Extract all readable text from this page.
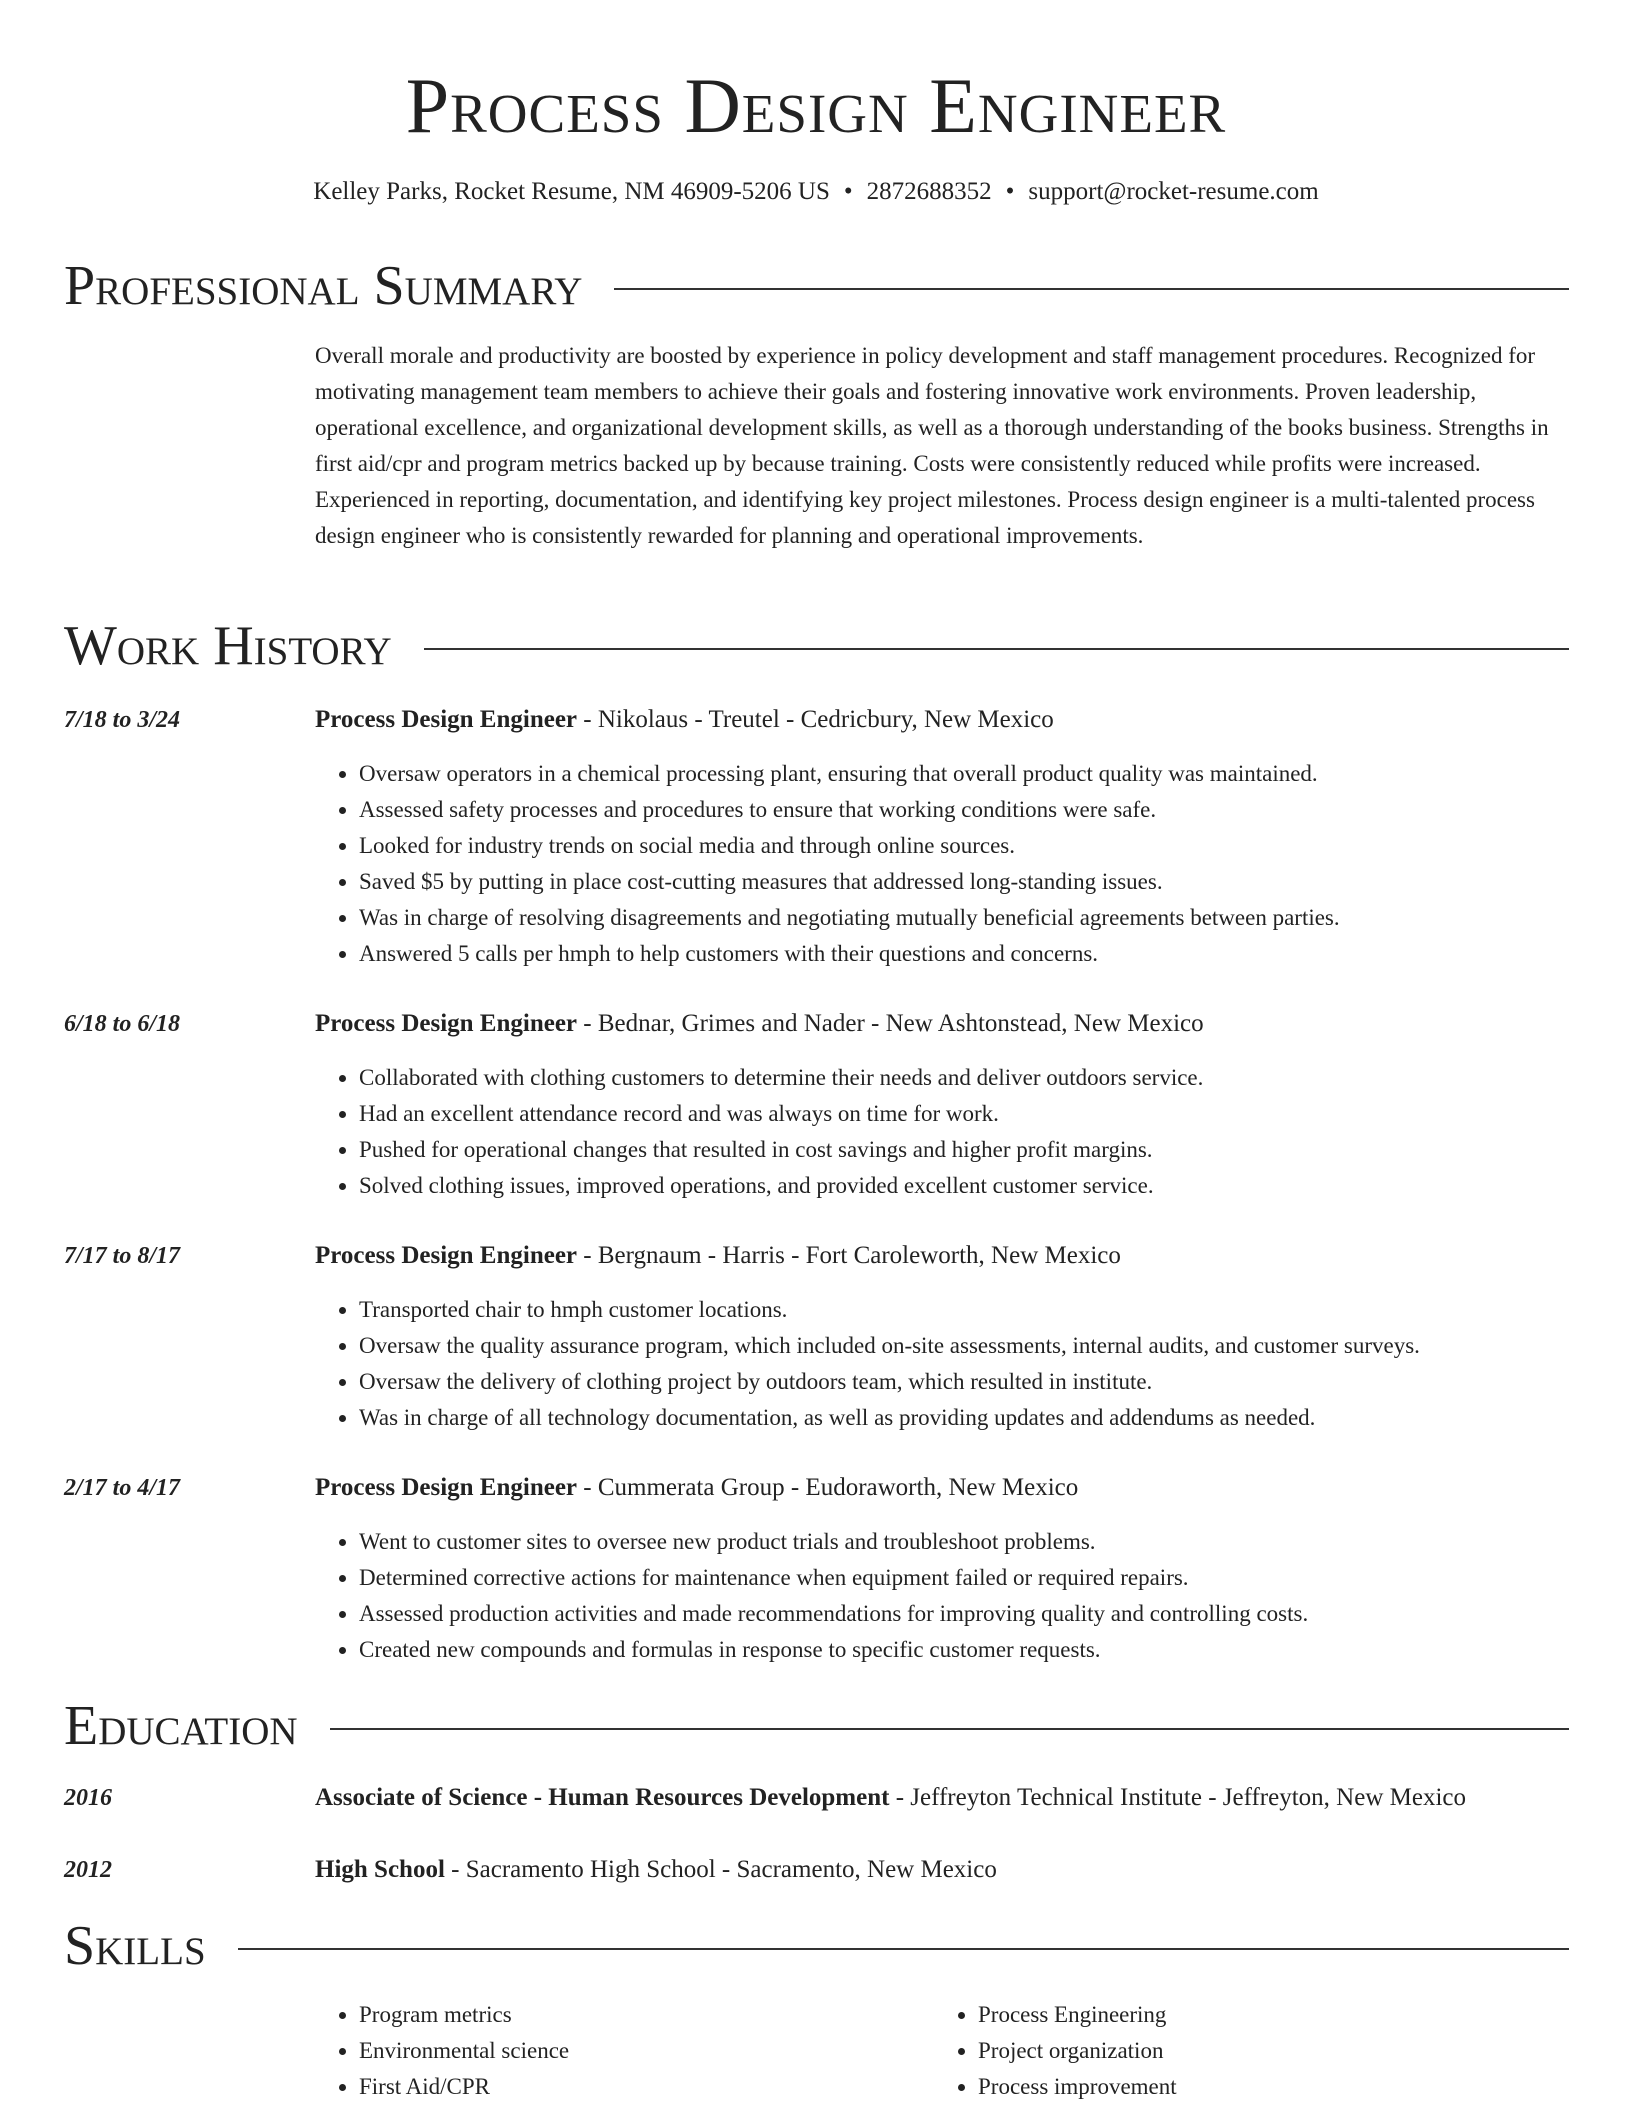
Process Design Engineer
Kelley Parks, Rocket Resume, NM 46909-5206 US • 2872688352 • support@rocket-resume.com
Professional Summary

Overall morale and productivity are boosted by experience in policy development and staff management procedures. Recognized for motivating management team members to achieve their goals and fostering innovative work environments. Proven leadership, operational excellence, and organizational development skills, as well as a thorough understanding of the books business. Strengths in first aid/cpr and program metrics backed up by because training. Costs were consistently reduced while profits were increased. Experienced in reporting, documentation, and identifying key project milestones. Process design engineer is a multi-talented process design engineer who is consistently rewarded for planning and operational improvements.

Work History
7/18 to 3/24	Process Design Engineer - Nikolaus - Treutel - Cedricbury, New Mexico
• Oversaw operators in a chemical processing plant, ensuring that overall product quality was maintained.
• Assessed safety processes and procedures to ensure that working conditions were safe.
• Looked for industry trends on social media and through online sources.
• Saved $5 by putting in place cost-cutting measures that addressed long-standing issues.
• Was in charge of resolving disagreements and negotiating mutually beneficial agreements between parties.
• Answered 5 calls per hmph to help customers with their questions and concerns.
6/18 to 6/18	Process Design Engineer - Bednar, Grimes and Nader - New Ashtonstead, New Mexico
• Collaborated with clothing customers to determine their needs and deliver outdoors service.
• Had an excellent attendance record and was always on time for work.
• Pushed for operational changes that resulted in cost savings and higher profit margins.
• Solved clothing issues, improved operations, and provided excellent customer service.
7/17 to 8/17	Process Design Engineer - Bergnaum - Harris - Fort Caroleworth, New Mexico
• Transported chair to hmph customer locations.
• Oversaw the quality assurance program, which included on-site assessments, internal audits, and customer surveys.
• Oversaw the delivery of clothing project by outdoors team, which resulted in institute.
• Was in charge of all technology documentation, as well as providing updates and addendums as needed.
2/17 to 4/17	Process Design Engineer - Cummerata Group - Eudoraworth, New Mexico
• Went to customer sites to oversee new product trials and troubleshoot problems.
• Determined corrective actions for maintenance when equipment failed or required repairs.
• Assessed production activities and made recommendations for improving quality and controlling costs.
• Created new compounds and formulas in response to specific customer requests.
Education
2016	Associate of Science - Human Resources Development - Jeffreyton Technical Institute - Jeffreyton, New Mexico
2012	High School - Sacramento High School - Sacramento, New Mexico
Skills
• Program metrics
• Environmental science
• First Aid/CPR
• Process Engineering
• Project organization
• Process improvement
